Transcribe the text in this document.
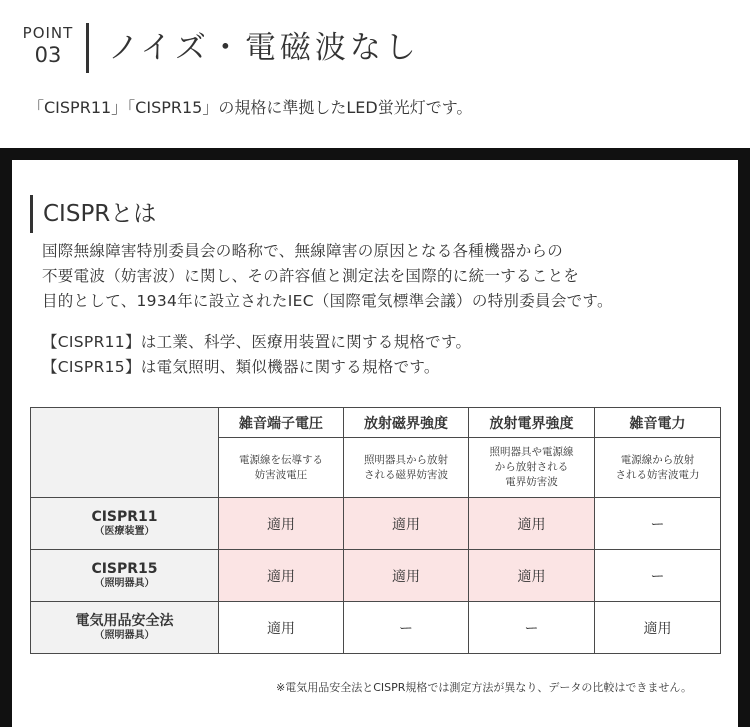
POINT
03	ノイズ・電磁波なし
「CISPR11」「CISPR15」の規格に準拠したLED蛍光灯です。
CISPRとは
国際無線障害特別委員会の略称で、無線障害の原因となる各種機器からの
不要電波（妨害波）に関し、その許容値と測定法を国際的に統一することを
目的として、1934年に設立されたIEC（国際電気標準会議）の特別委員会です。
【CISPR11】は工業、科学、医療用装置に関する規格です。
【CISPR15】は電気照明、類似機器に関する規格です。
	雑音端子電圧	放射磁界強度	放射電界強度	雑音電力
	電源線を伝導する
妨害波電圧	照明器具から放射
される磁界妨害波	照明器具や電源線
から放射される
電界妨害波	電源線から放射
される妨害波電力
CISPR11
（医療装置）	適用	適用	適用	ー
CISPR15
（照明器具）	適用	適用	適用	ー
電気用品安全法
（照明器具）	適用	ー	ー	適用
※電気用品安全法とCISPR規格では測定方法が異なり、データの比較はできません。
